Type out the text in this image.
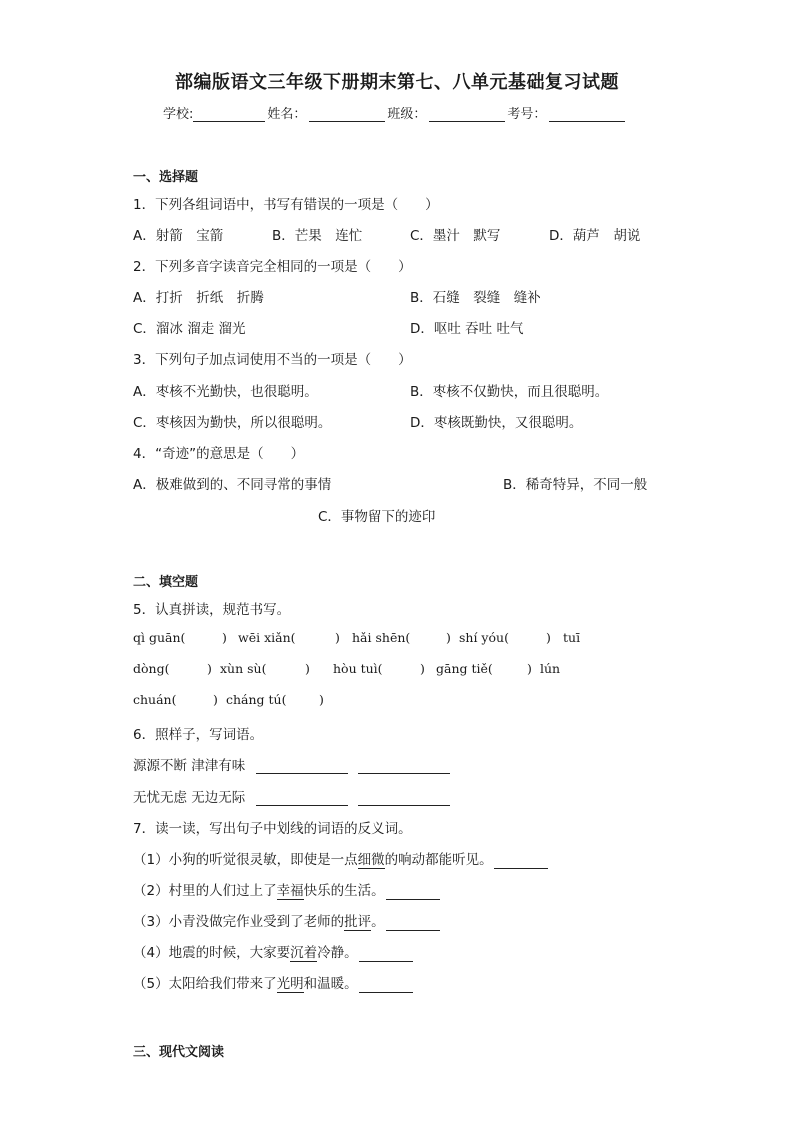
部编版语文三年级下册期末第七、八单元基础复习试题
学校:	姓名：	班级：	考号：
一、选择题
1．下列各组词语中，书写有错误的一项是（　　）
A．射箭　宝箭	B．芒果　连忙	C．墨汁　默写	D．葫芦　胡说
2．下列多音字读音完全相同的一项是（　　）
A．打折　折纸　折腾	B．石缝　裂缝　缝补
C．溜冰 溜走 溜光	D．呕吐 吞吐 吐气
3．下列句子加点词使用不当的一项是（　　）
A．枣核不光勤快，也很聪明。	B．枣核不仅勤快，而且很聪明。
C．枣核因为勤快，所以很聪明。	D．枣核既勤快，又很聪明。
4．“奇迹”的意思是（　　）
A．极难做到的、不同寻常的事情	B．稀奇特异，不同一般
C．事物留下的迹印
二、填空题
5．认真拼读，规范书写。
qì guān(	) wēi xiǎn(	) hǎi shēn(	) shí yóu(	) tuī
dòng(	) xùn sù(	) hòu tuì(	) gāng tiě(	) lún
chuán(	) cháng tú(	)
6．照样子，写词语。
源源不断 津津有味
无忧无虑 无边无际
7．读一读，写出句子中划线的词语的反义词。
（1）小狗的听觉很灵敏，即使是一点细微的响动都能听见。
（2）村里的人们过上了幸福快乐的生活。
（3）小青没做完作业受到了老师的批评。
（4）地震的时候，大家要沉着冷静。
（5）太阳给我们带来了光明和温暖。
三、现代文阅读
